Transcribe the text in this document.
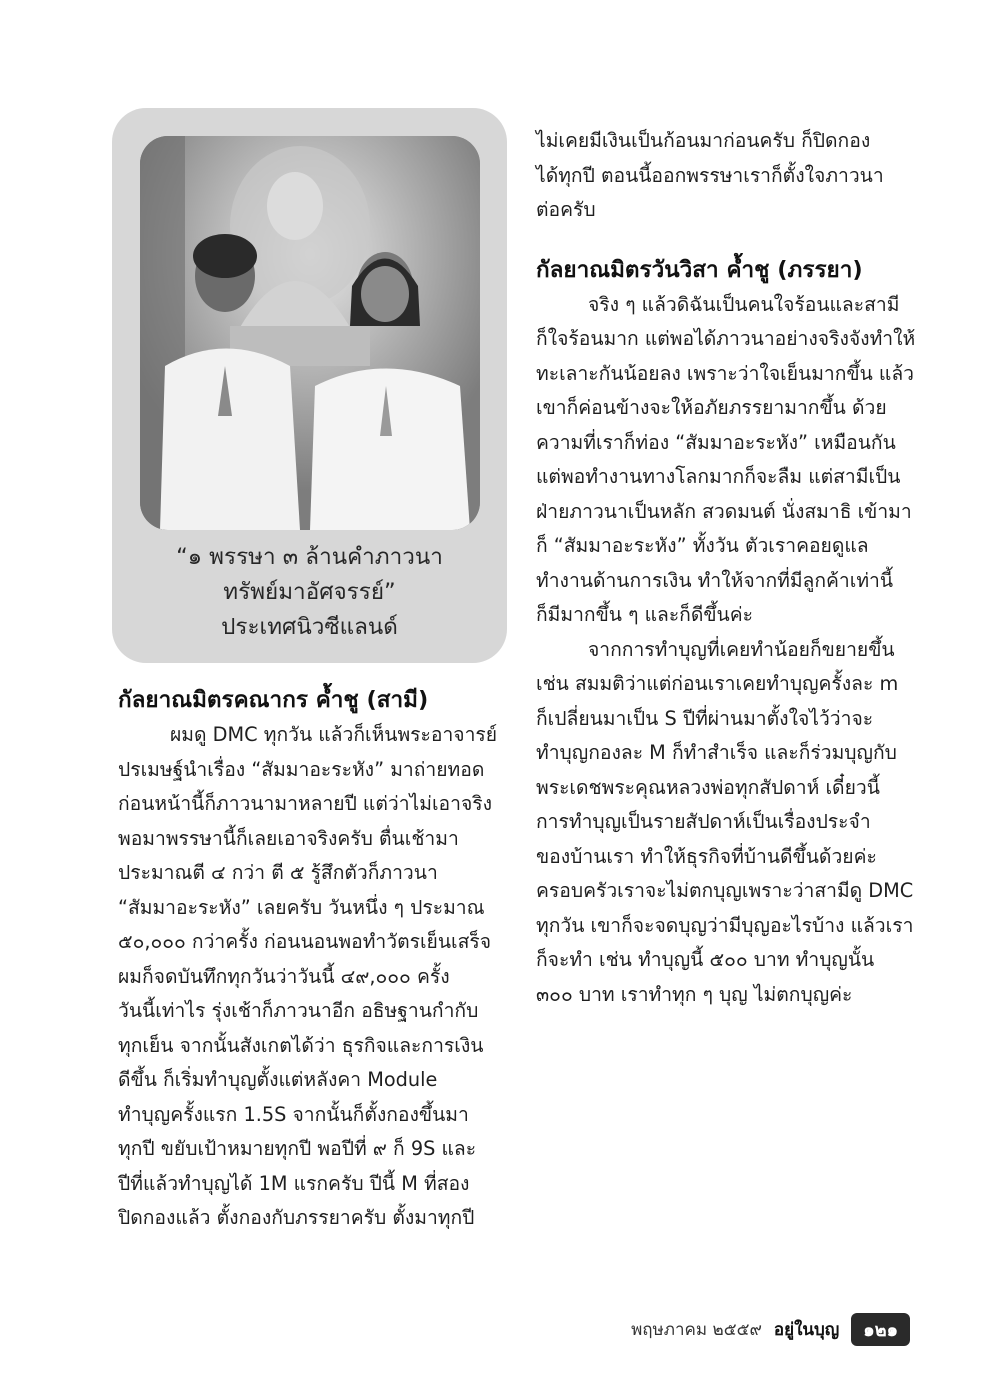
“๑ พรรษา ๓ ล้านคำภาวนา

ทรัพย์มาอัศจรรย์”

ประเทศนิวซีแลนด์

กัลยาณมิตรคณากร ค้ำชู (สามี)

ผมดู DMC ทุกวัน แล้วก็เห็นพระอาจารย์

ปรเมษฐ์นำเรื่อง “สัมมาอะระหัง” มาถ่ายทอด

ก่อนหน้านี้ก็ภาวนามาหลายปี แต่ว่าไม่เอาจริง

พอมาพรรษานี้ก็เลยเอาจริงครับ ตื่นเช้ามา

ประมาณตี ๔ กว่า ตี ๕ รู้สึกตัวก็ภาวนา

“สัมมาอะระหัง” เลยครับ วันหนึ่ง ๆ ประมาณ

๕๐,๐๐๐ กว่าครั้ง ก่อนนอนพอทำวัตรเย็นเสร็จ

ผมก็จดบันทึกทุกวันว่าวันนี้ ๔๙,๐๐๐ ครั้ง

วันนี้เท่าไร รุ่งเช้าก็ภาวนาอีก อธิษฐานกำกับ

ทุกเย็น จากนั้นสังเกตได้ว่า ธุรกิจและการเงิน

ดีขึ้น ก็เริ่มทำบุญตั้งแต่หลังคา Module

ทำบุญครั้งแรก 1.5S จากนั้นก็ตั้งกองขึ้นมา

ทุกปี ขยับเป้าหมายทุกปี พอปีที่ ๙ ก็ 9S และ

ปีที่แล้วทำบุญได้ 1M แรกครับ ปีนี้ M ที่สอง

ปิดกองแล้ว ตั้งกองกับภรรยาครับ ตั้งมาทุกปี

ไม่เคยมีเงินเป็นก้อนมาก่อนครับ ก็ปิดกอง

ได้ทุกปี ตอนนี้ออกพรรษาเราก็ตั้งใจภาวนา

ต่อครับ

กัลยาณมิตรวันวิสา ค้ำชู (ภรรยา)

จริง ๆ แล้วดิฉันเป็นคนใจร้อนและสามี

ก็ใจร้อนมาก แต่พอได้ภาวนาอย่างจริงจังทำให้

ทะเลาะกันน้อยลง เพราะว่าใจเย็นมากขึ้น แล้ว

เขาก็ค่อนข้างจะให้อภัยภรรยามากขึ้น ด้วย

ความที่เราก็ท่อง “สัมมาอะระหัง” เหมือนกัน

แต่พอทำงานทางโลกมากก็จะลืม แต่สามีเป็น

ฝ่ายภาวนาเป็นหลัก สวดมนต์ นั่งสมาธิ เข้ามา

ก็ “สัมมาอะระหัง” ทั้งวัน ตัวเราคอยดูแล

ทำงานด้านการเงิน ทำให้จากที่มีลูกค้าเท่านี้

ก็มีมากขึ้น ๆ และก็ดีขึ้นค่ะ

จากการทำบุญที่เคยทำน้อยก็ขยายขึ้น

เช่น สมมติว่าแต่ก่อนเราเคยทำบุญครั้งละ m

ก็เปลี่ยนมาเป็น S ปีที่ผ่านมาตั้งใจไว้ว่าจะ

ทำบุญกองละ M ก็ทำสำเร็จ และก็ร่วมบุญกับ

พระเดชพระคุณหลวงพ่อทุกสัปดาห์ เดี๋ยวนี้

การทำบุญเป็นรายสัปดาห์เป็นเรื่องประจำ

ของบ้านเรา ทำให้ธุรกิจที่บ้านดีขึ้นด้วยค่ะ

ครอบครัวเราจะไม่ตกบุญเพราะว่าสามีดู DMC

ทุกวัน เขาก็จะจดบุญว่ามีบุญอะไรบ้าง แล้วเรา

ก็จะทำ เช่น ทำบุญนี้ ๕๐๐ บาท ทำบุญนั้น

๓๐๐ บาท เราทำทุก ๆ บุญ ไม่ตกบุญค่ะ

พฤษภาคม ๒๕๕๙ อยู่ในบุญ	๑๒๑
